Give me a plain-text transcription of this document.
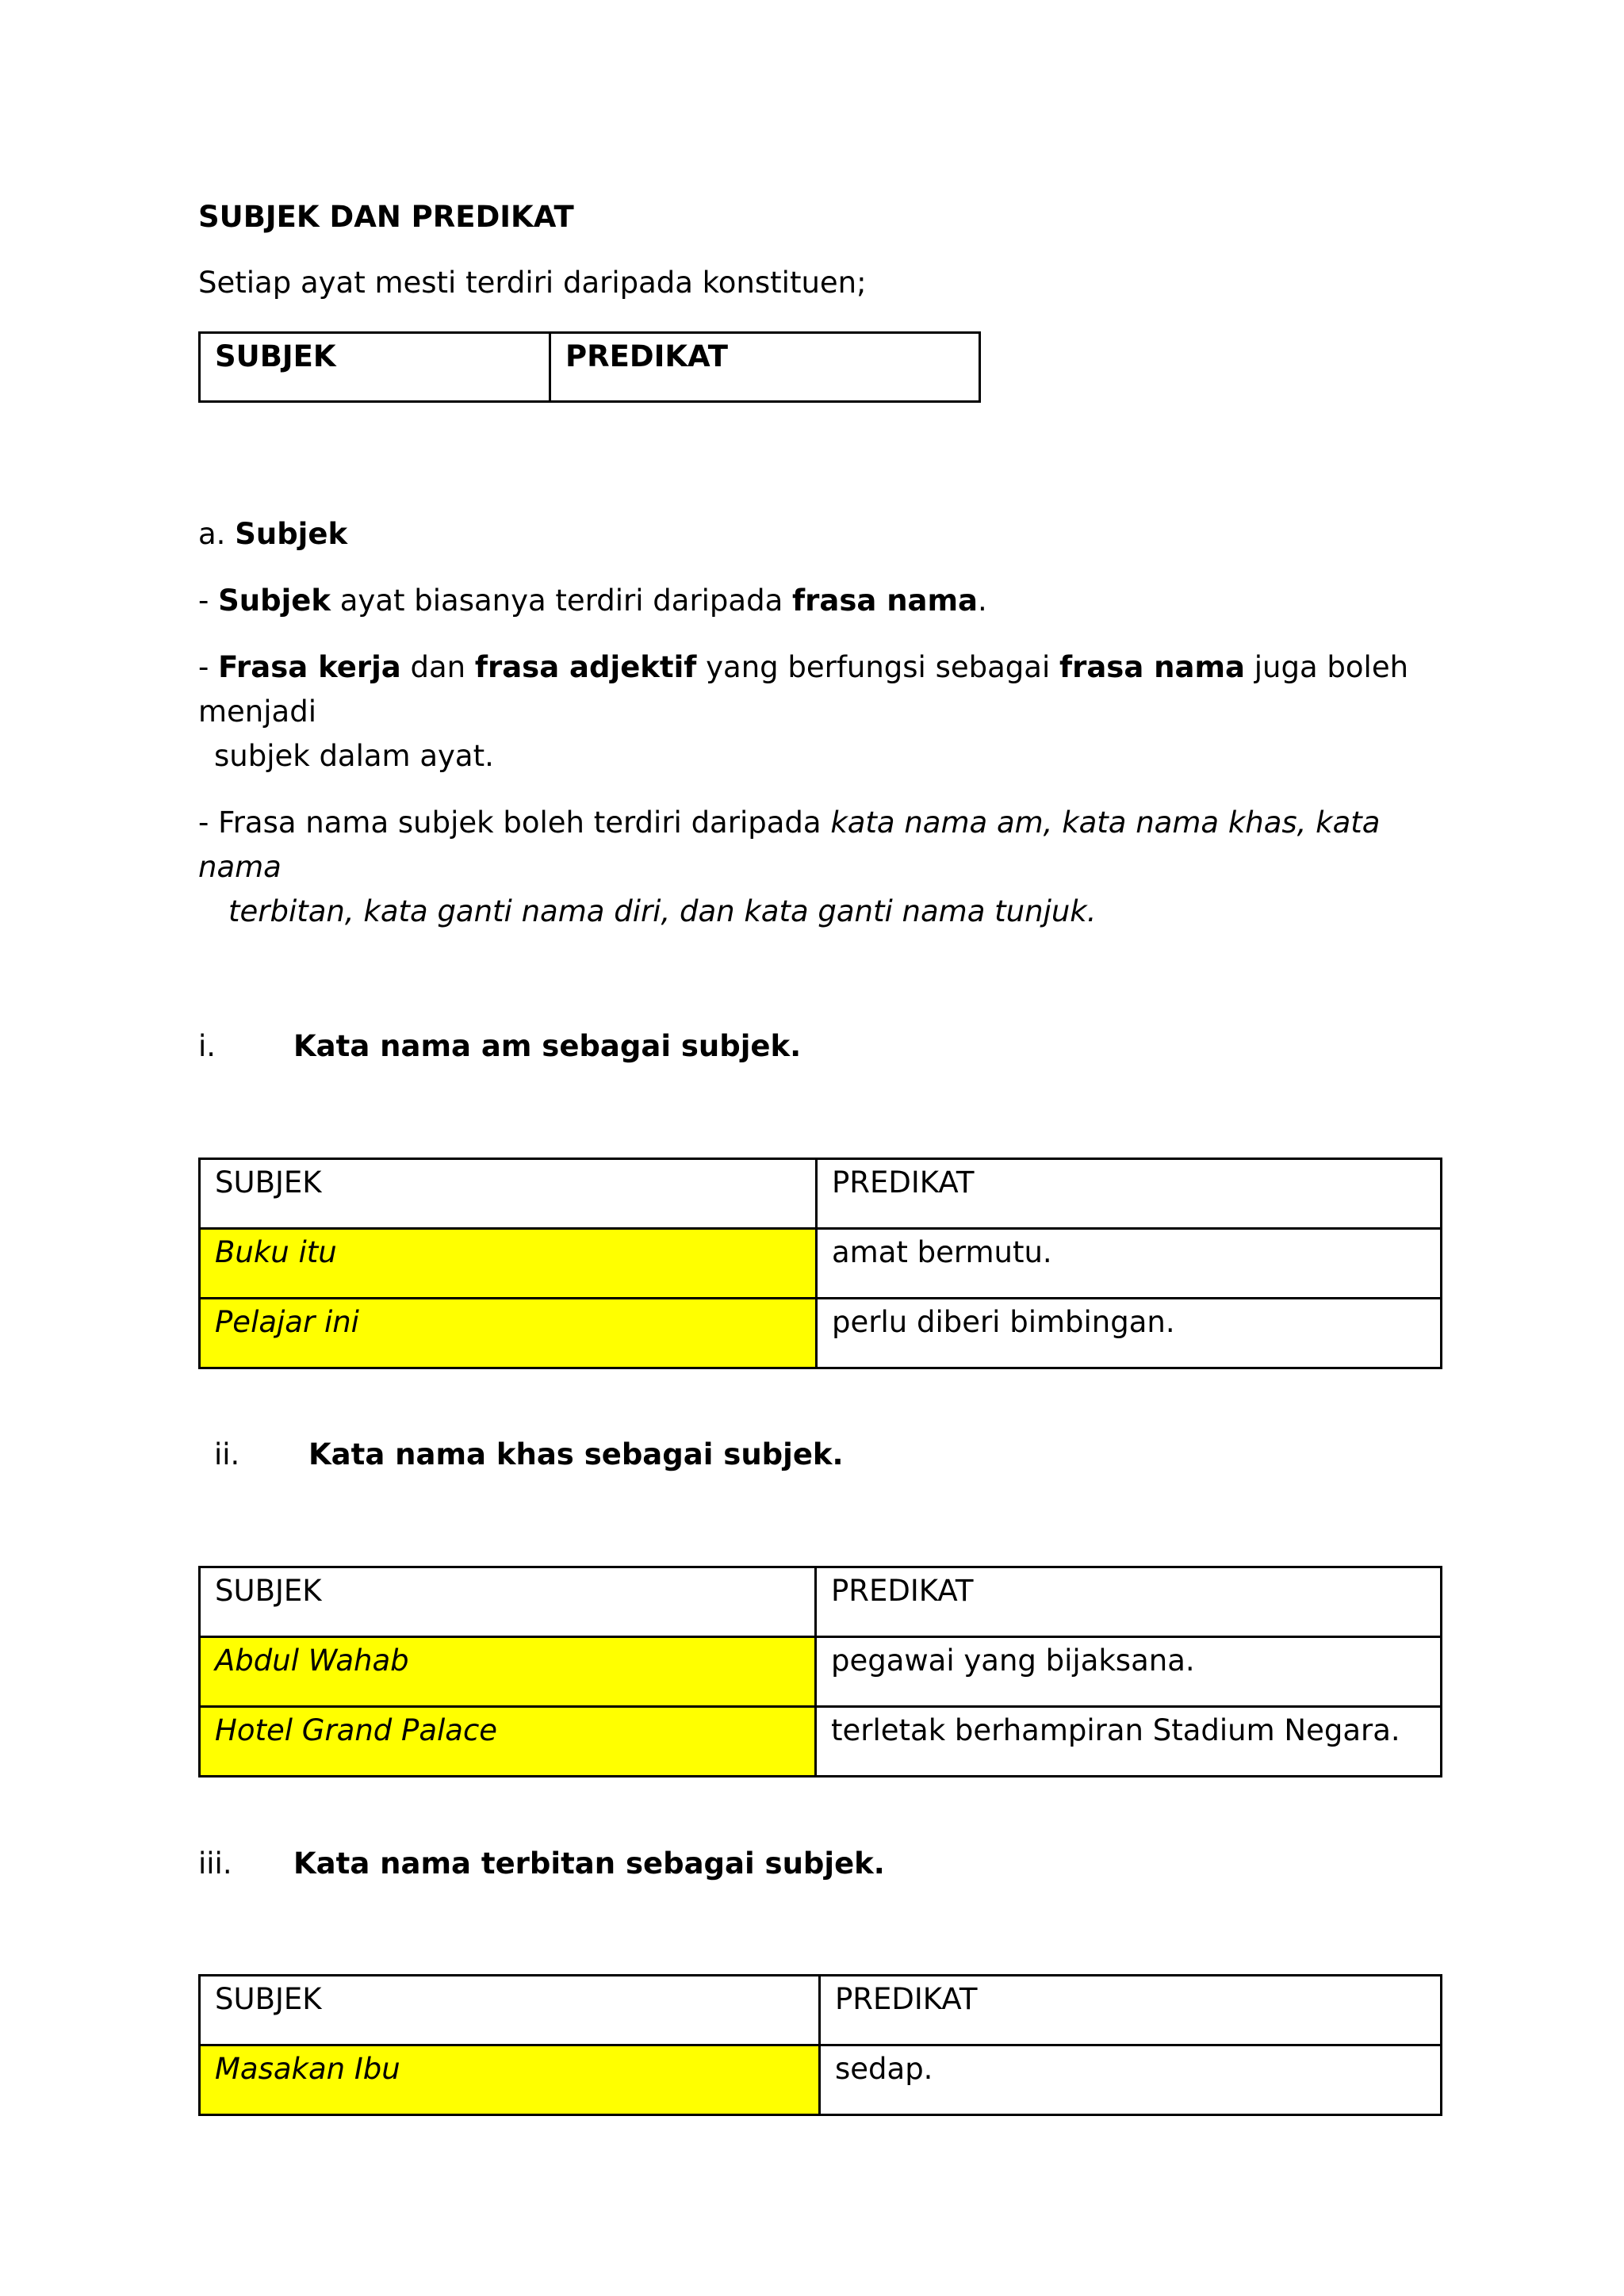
SUBJEK DAN PREDIKAT
Setiap ayat mesti terdiri daripada konstituen;
SUBJEK	PREDIKAT
a. Subjek
- Subjek ayat biasanya terdiri daripada frasa nama.
- Frasa kerja dan frasa adjektif yang berfungsi sebagai frasa nama juga boleh
menjadi
subjek dalam ayat.
- Frasa nama subjek boleh terdiri daripada kata nama am, kata nama khas, kata
nama
terbitan, kata ganti nama diri, dan kata ganti nama tunjuk.
i.	Kata nama am sebagai subjek.
SUBJEK	PREDIKAT
Buku itu	amat bermutu.
Pelajar ini	perlu diberi bimbingan.
ii. Kata nama khas sebagai subjek.
SUBJEK	PREDIKAT
Abdul Wahab	pegawai yang bijaksana.
Hotel Grand Palace	terletak berhampiran Stadium Negara.
iii. Kata nama terbitan sebagai subjek.
SUBJEK	PREDIKAT
Masakan Ibu	sedap.
